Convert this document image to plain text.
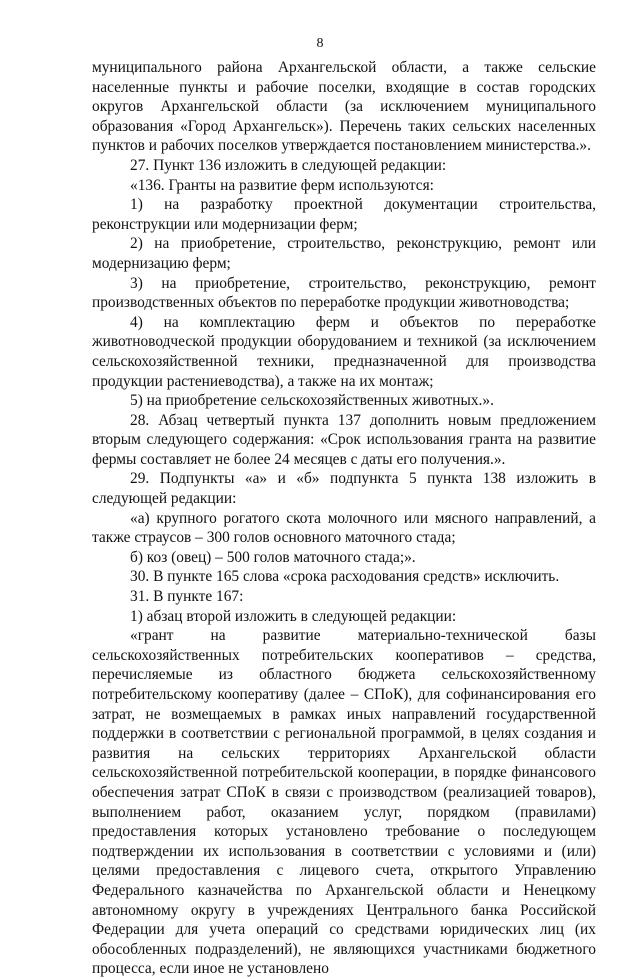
8

муниципального района Архангельской области, а также сельские населенные пункты и рабочие поселки, входящие в состав городских округов Архангельской области (за исключением муниципального образования «Город Архангельск»). Перечень таких сельских населенных пунктов и рабочих поселков утверждается постановлением министерства.».

27. Пункт 136 изложить в следующей редакции:

«136. Гранты на развитие ферм используются:

1) на разработку проектной документации строительства, реконструкции или модернизации ферм;

2) на приобретение, строительство, реконструкцию, ремонт или модернизацию ферм;

3) на приобретение, строительство, реконструкцию, ремонт производственных объектов по переработке продукции животноводства;

4) на комплектацию ферм и объектов по переработке животноводческой продукции оборудованием и техникой (за исключением сельскохозяйственной техники, предназначенной для производства продукции растениеводства), а также на их монтаж;

5) на приобретение сельскохозяйственных животных.».

28. Абзац четвертый пункта 137 дополнить новым предложением вторым следующего содержания: «Срок использования гранта на развитие фермы составляет не более 24 месяцев с даты его получения.».

29. Подпункты «а» и «б» подпункта 5 пункта 138 изложить в следующей редакции:

«а) крупного рогатого скота молочного или мясного направлений, а также страусов – 300 голов основного маточного стада;

б) коз (овец) – 500 голов маточного стада;».

30. В пункте 165 слова «срока расходования средств» исключить.

31. В пункте 167:

1) абзац второй изложить в следующей редакции:

«грант на развитие материально-технической базы сельскохозяйственных потребительских кооперативов – средства, перечисляемые из областного бюджета сельскохозяйственному потребительскому кооперативу (далее – СПоК), для софинансирования его затрат, не возмещаемых в рамках иных направлений государственной поддержки в соответствии с региональной программой, в целях создания и развития на сельских территориях Архангельской области сельскохозяйственной потребительской кооперации, в порядке финансового обеспечения затрат СПоК в связи с производством (реализацией товаров), выполнением работ, оказанием услуг, порядком (правилами) предоставления которых установлено требование о последующем подтверждении их использования в соответствии с условиями и (или) целями предоставления с лицевого счета, открытого Управлению Федерального казначейства по Архангельской области и Ненецкому автономному округу в учреждениях Центрального банка Российской Федерации для учета операций со средствами юридических лиц (их обособленных подразделений), не являющихся участниками бюджетного процесса, если иное не установлено
